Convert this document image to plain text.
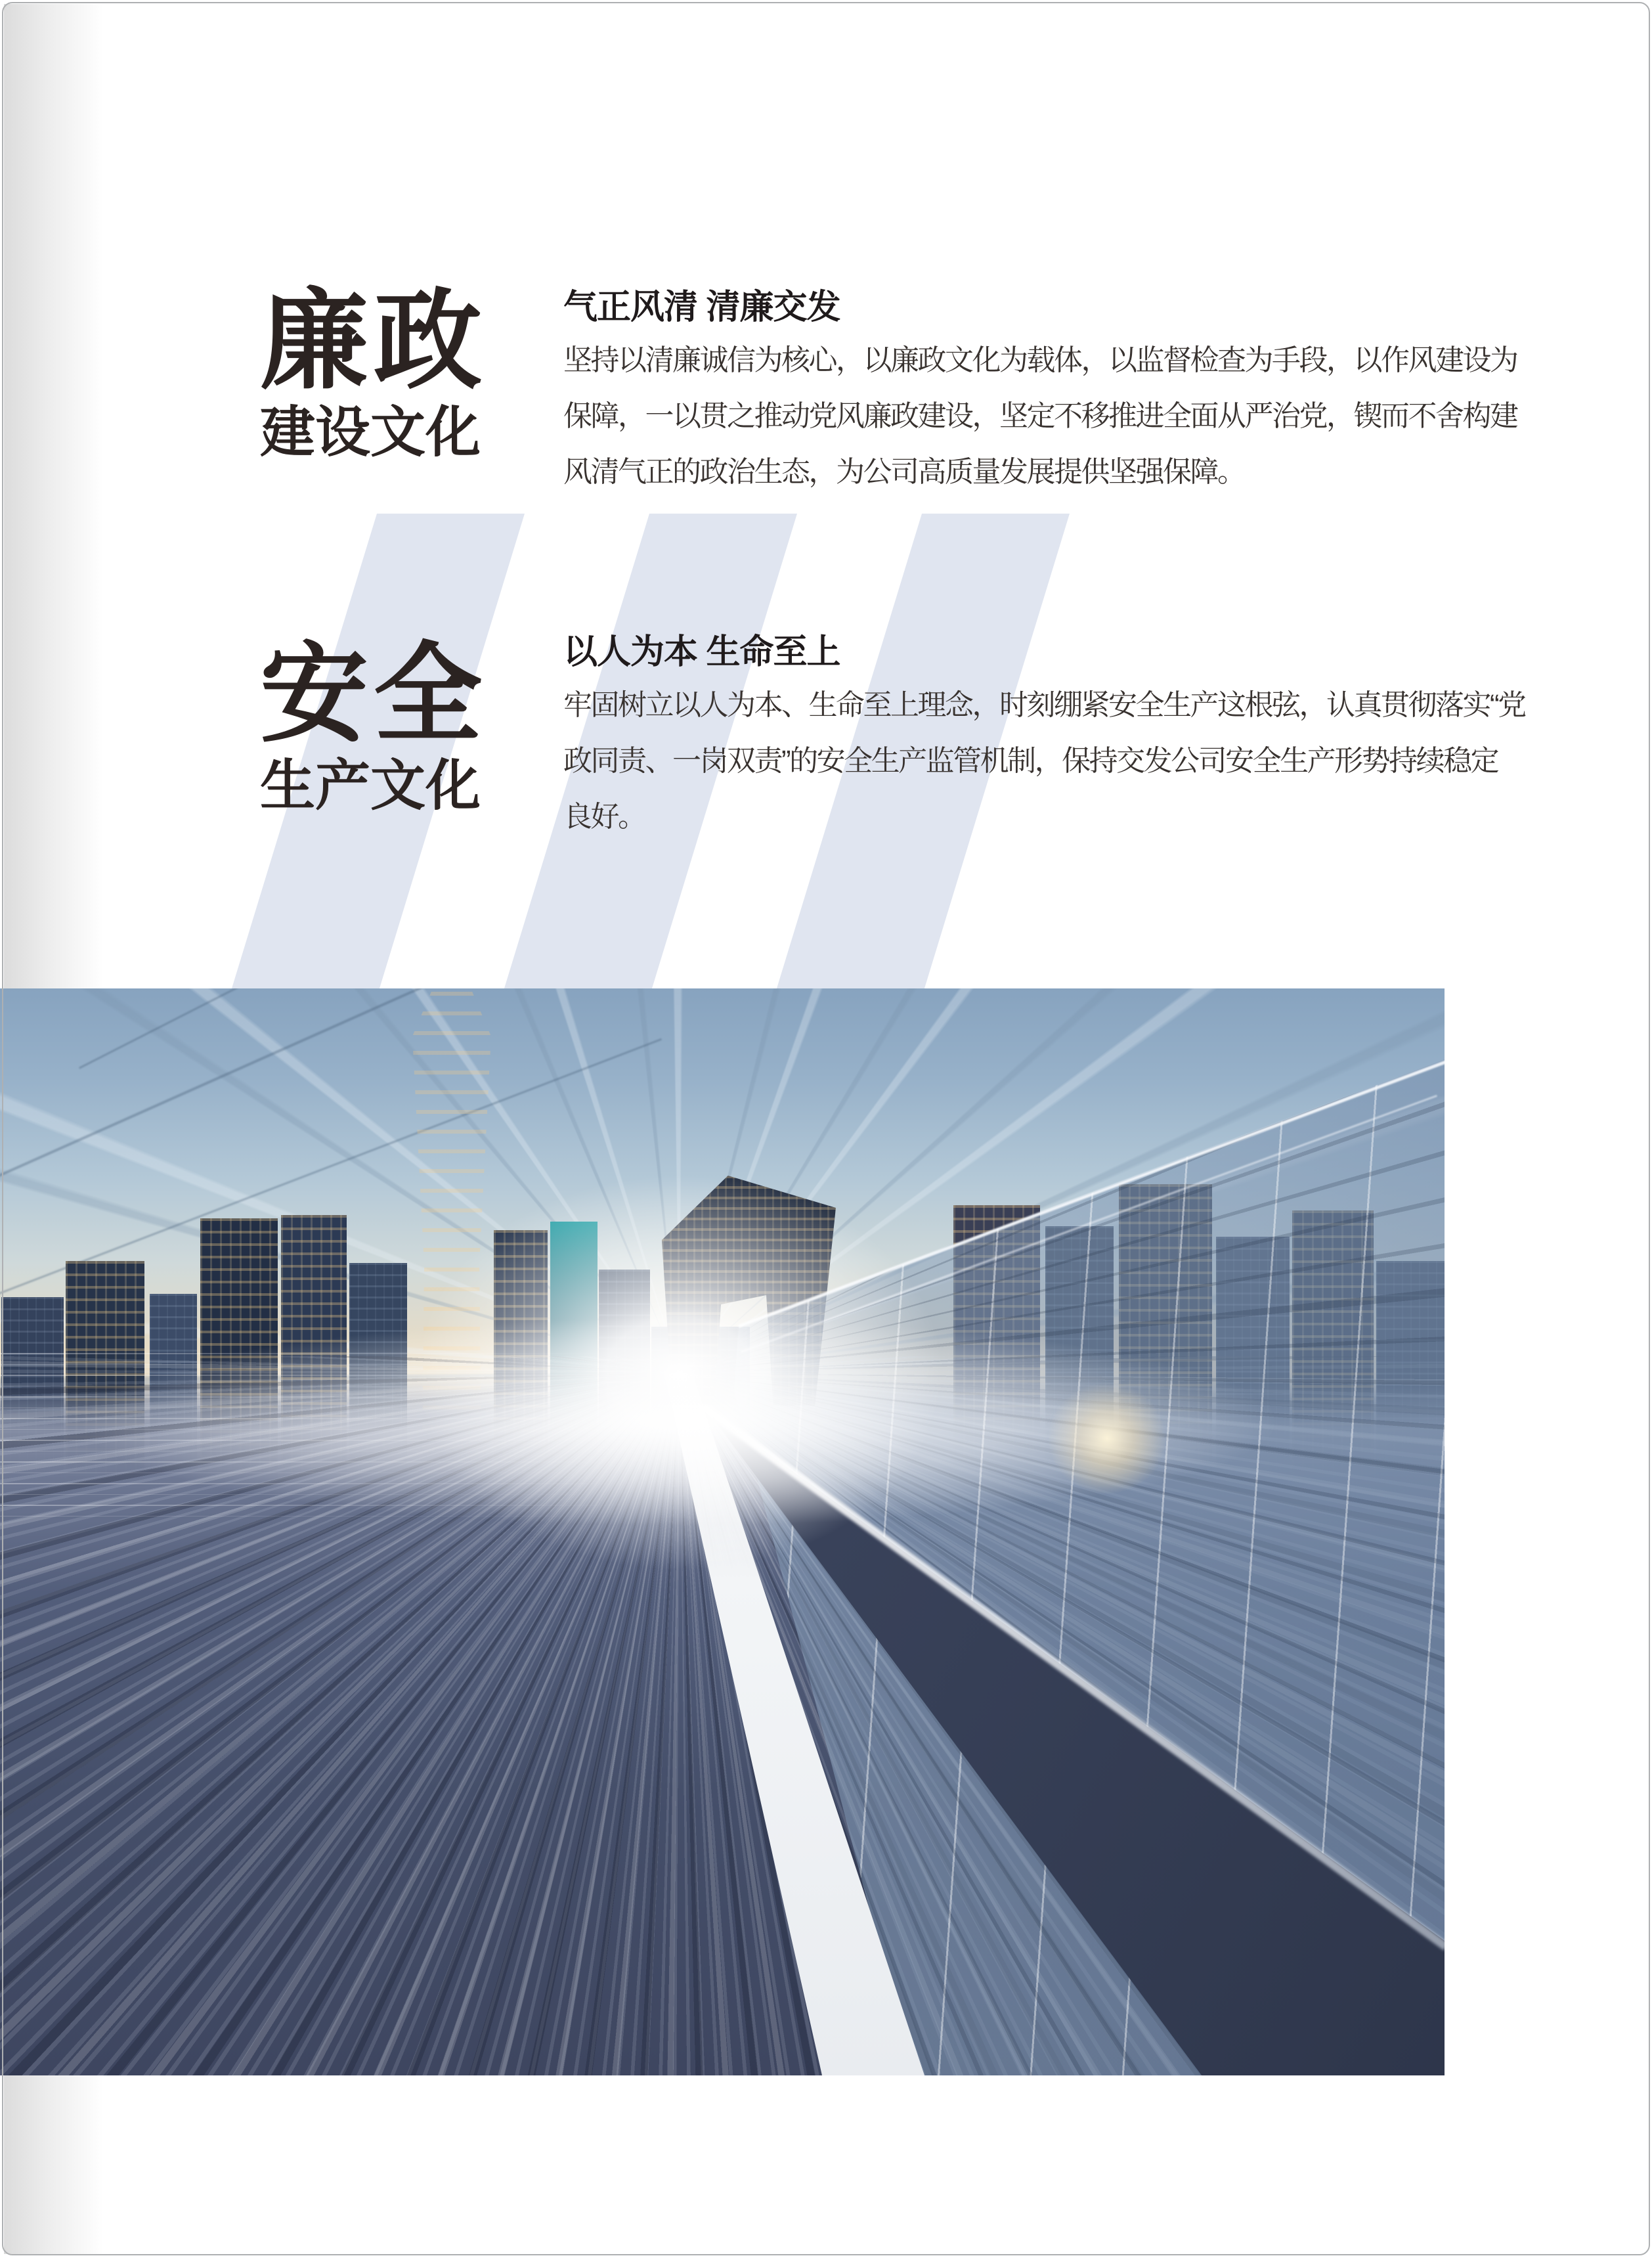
廉政
建设文化
气正风清 清廉交发
坚持以清廉诚信为核心，以廉政文化为载体，以监督检查为手段，以作风建设为
保障，一以贯之推动党风廉政建设，坚定不移推进全面从严治党，锲而不舍构建
风清气正的政治生态，为公司高质量发展提供坚强保障。
安全
生产文化
以人为本 生命至上
牢固树立以人为本、生命至上理念，时刻绷紧安全生产这根弦，认真贯彻落实“党
政同责、一岗双责”的安全生产监管机制，保持交发公司安全生产形势持续稳定
良好。
